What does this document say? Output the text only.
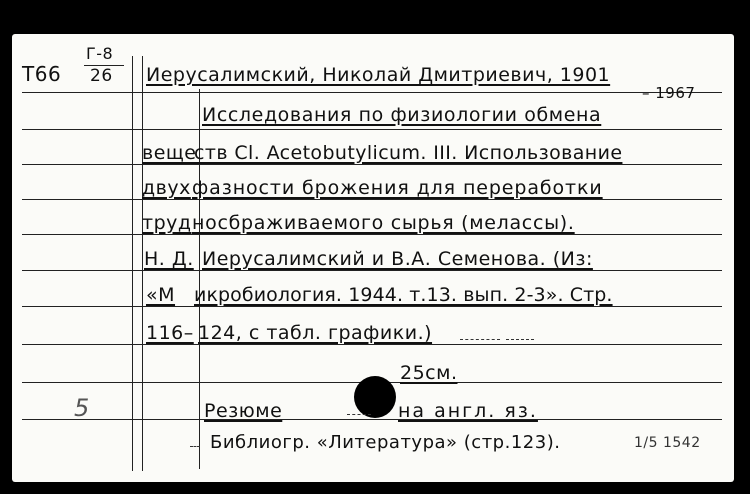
Т66
Г-8
26 Иерусалимский, Николай Дмитриевич, 1901
– 1967
Исследования по физиологии обмена
веще
ств Cl. Acetobutylicum. III. Использование
двух фазности брожения для переработки
труд носбраживаемого сырья (мелассы).
Н. Д. Иерусалимский и В.А. Семенова. (Из:
«М икробиология. 1944. т.13. вып. 2-3». Стр.
116– 124, с табл. графики.)
25см.
Резюме	на англ. яз.
Библиогр. «Литература» (стр.123).	1/5 1542
5
